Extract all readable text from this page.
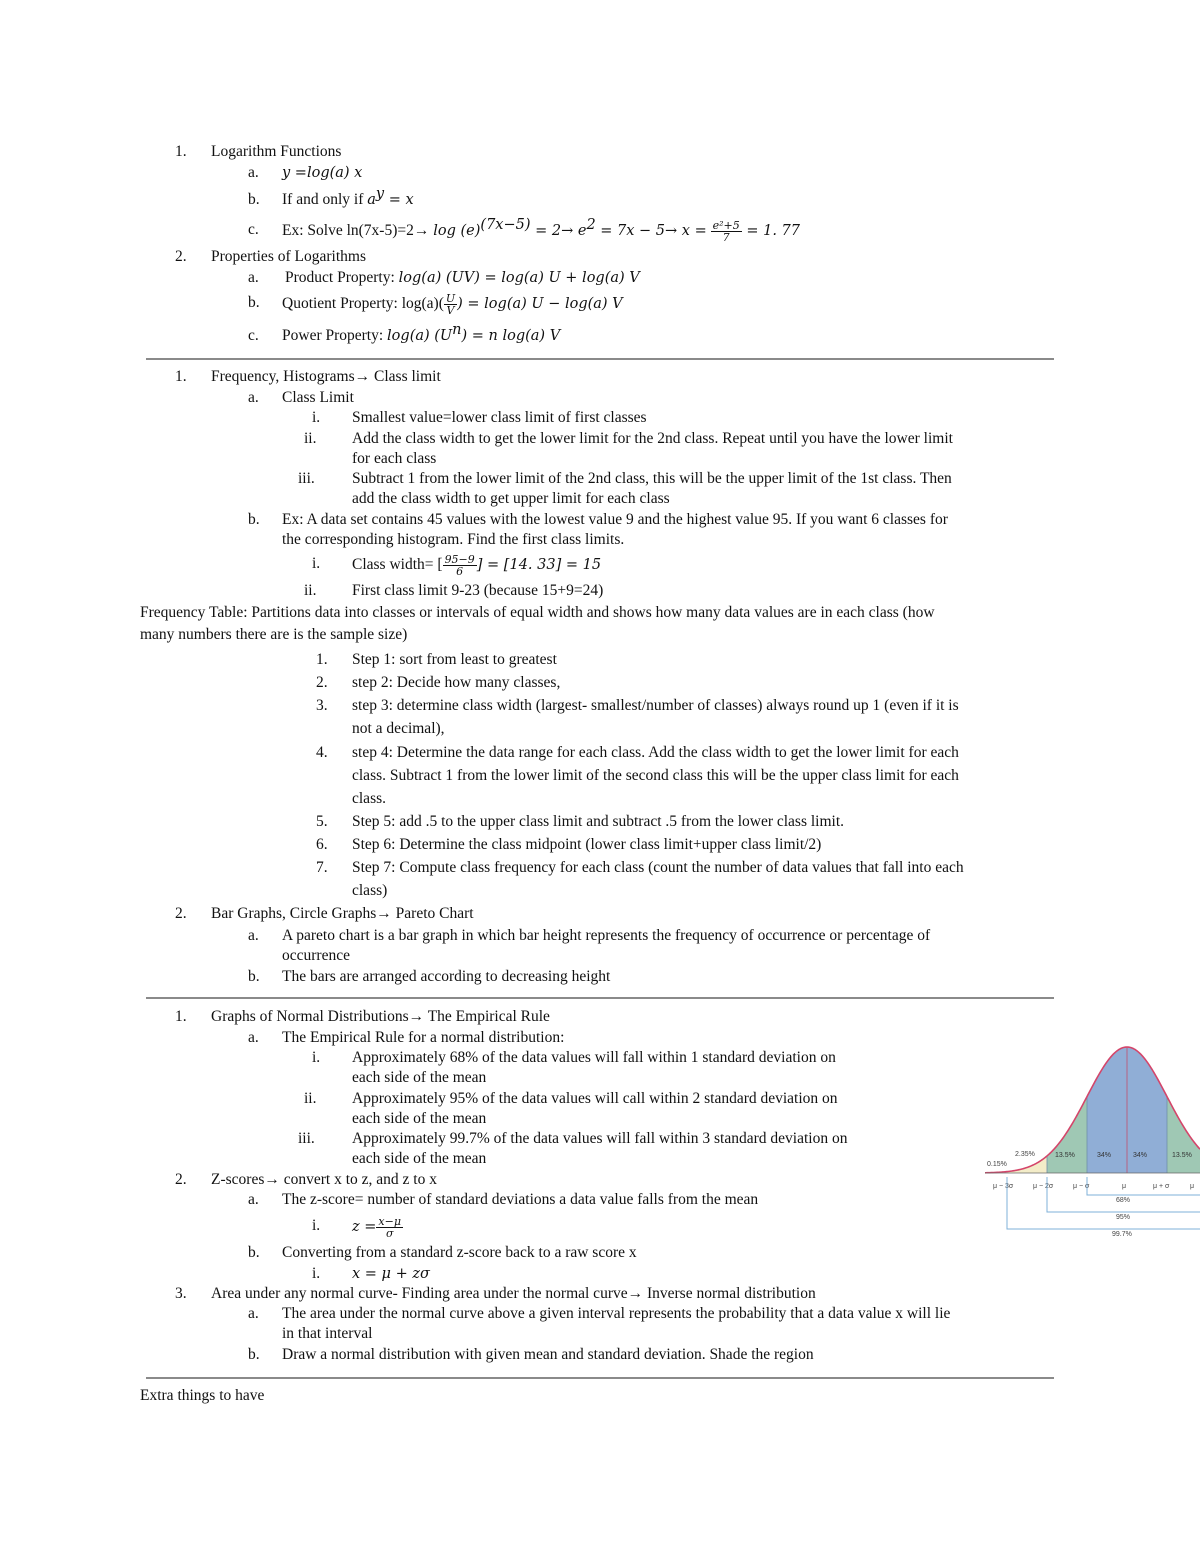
1. Logarithm Functions
a. 𝑦 =log(a) x
b. If and only if 𝑎$^𝑦$ = 𝑥
c. Ex: Solve ln(7x-5)=2→ 𝑙𝑜𝑔 (𝑒)$^{(7𝑥-5)}$ = 2→ 𝑒$^2$ = 7𝑥 − 5→ 𝑥 = $\frac{\text{𝑒²+5}}{7} = 1$. 77
2. Properties of Logarithms
a. Product Property: 𝑙𝑜𝑔(𝑎) (𝑈𝑉) = 𝑙𝑜𝑔(𝑎) 𝑈 + 𝑙𝑜𝑔(𝑎) 𝑉
b. Quotient Property: $\log(a)( \frac{\text{𝑈}}{\text{𝑉}}$ ) = 𝑙𝑜𝑔(𝑎) 𝑈 − 𝑙𝑜𝑔(𝑎) 𝑉
c. Power Property: 𝑙𝑜𝑔(𝑎) (𝑈$^𝑛$) = 𝑛 𝑙𝑜𝑔(𝑎) 𝑉
1. Frequency, Histograms→ Class limit
a. Class Limit
i. Smallest value=lower class limit of first classes
ii. Add the class width to get the lower limit for the 2nd class. Repeat until you have the lower limit
for each class
iii. Subtract 1 from the lower limit of the 2nd class, this will be the upper limit of the 1st class. Then
add the class width to get upper limit for each class
b. Ex: A data set contains 45 values with the lowest value 9 and the highest value 95. If you want 6 classes for
the corresponding histogram. Find the first class limits.
i. Class width= [ $\frac{95-9}{6}$ ] = [14. 33] = 15
ii. First class limit 9-23 (because 15+9=24)
Frequency Table: Partitions data into classes or intervals of equal width and shows how many data values are in each class (how
many numbers there are is the sample size)
1. Step 1: sort from least to greatest
2. step 2: Decide how many classes,
3. step 3: determine class width (largest- smallest/number of classes) always round up 1 (even if it is
not a decimal),
4. step 4: Determine the data range for each class. Add the class width to get the lower limit for each
class. Subtract 1 from the lower limit of the second class this will be the upper class limit for each
class.
5. Step 5: add .5 to the upper class limit and subtract .5 from the lower class limit.
6. Step 6: Determine the class midpoint (lower class limit+upper class limit/2)
7. Step 7: Compute class frequency for each class (count the number of data values that fall into each
class)
2. Bar Graphs, Circle Graphs→ Pareto Chart
a. A pareto chart is a bar graph in which bar height represents the frequency of occurrence or percentage of
occurrence
b. The bars are arranged according to decreasing height
1. Graphs of Normal Distributions→ The Empirical Rule
a. The Empirical Rule for a normal distribution:
i. Approximately 68% of the data values will fall within 1 standard deviation on
each side of the mean
ii. Approximately 95% of the data values will call within 2 standard deviation on
each side of the mean
iii. Approximately 99.7% of the data values will fall within 3 standard deviation on
each side of the mean
2. Z-scores→ convert x to z, and z to x
a. The z-score= number of standard deviations a data value falls from the mean
i. 𝑧 = $\frac{\text{𝑥−μ}}{\sigma}$
b. Converting from a standard z-score back to a raw score x
i. 𝑥 = μ + 𝑧σ
3. Area under any normal curve- Finding area under the normal curve→ Inverse normal distribution
a. The area under the normal curve above a given interval represents the probability that a data value x will lie
in that interval
b. Draw a normal distribution with given mean and standard deviation. Shade the region
Extra things to have
0.15%
2.35%	13.5%	34%	34%	13.5%
μ − 3σ	μ − 2σ	μ − σ	μ	μ + σ	μ
68%
95%
99.7%
